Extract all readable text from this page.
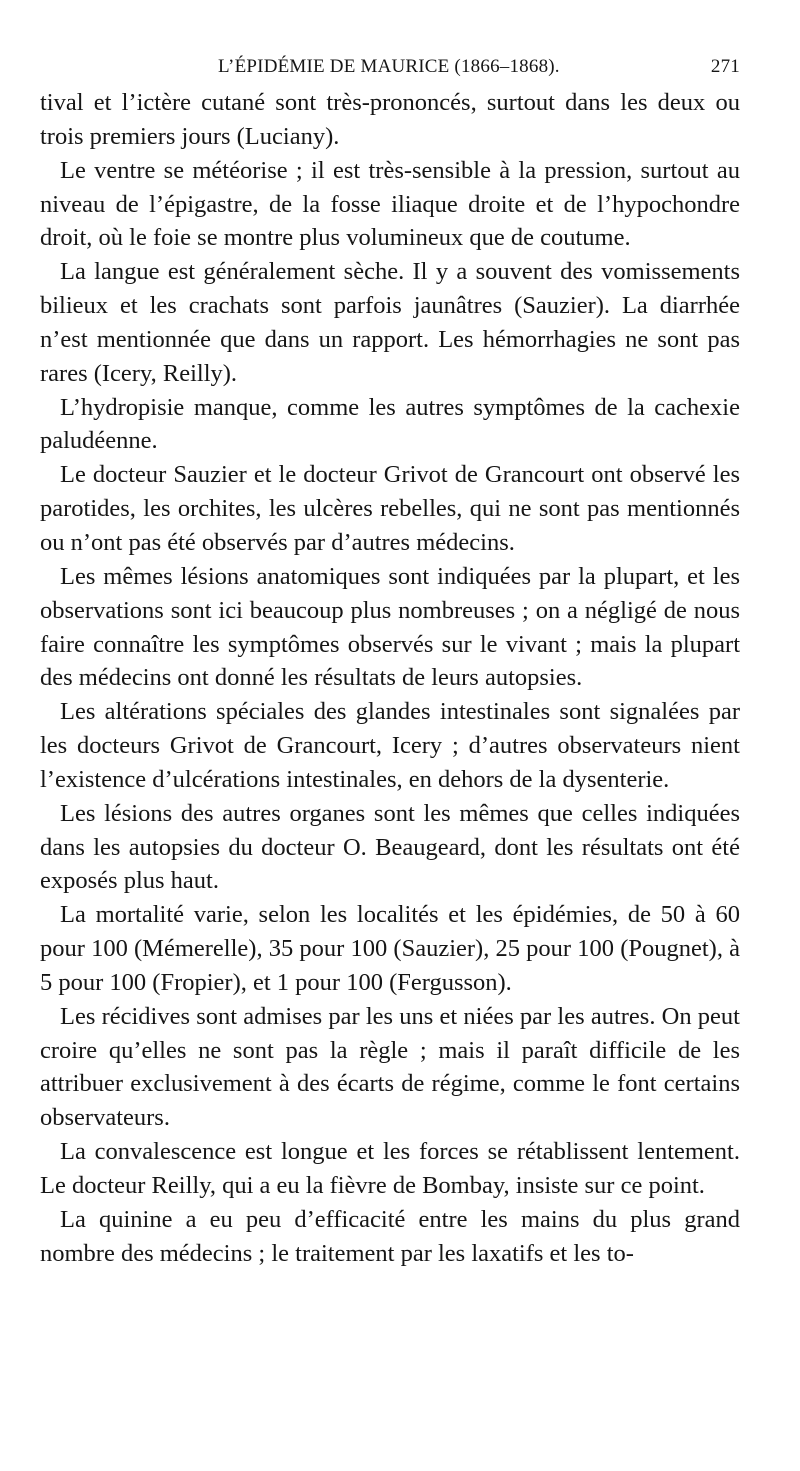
L’ÉPIDÉMIE DE MAURICE (1866–1868).	271

tival et l’ictère cutané sont très-prononcés, surtout dans les deux ou trois premiers jours (Luciany).

Le ventre se météorise ; il est très-sensible à la pression, surtout au niveau de l’épigastre, de la fosse iliaque droite et de l’hypochondre droit, où le foie se montre plus volumineux que de coutume.

La langue est généralement sèche. Il y a souvent des vomissements bilieux et les crachats sont parfois jaunâtres (Sauzier). La diarrhée n’est mentionnée que dans un rapport. Les hémorrhagies ne sont pas rares (Icery, Reilly).

L’hydropisie manque, comme les autres symptômes de la cachexie paludéenne.

Le docteur Sauzier et le docteur Grivot de Grancourt ont observé les parotides, les orchites, les ulcères rebelles, qui ne sont pas mentionnés ou n’ont pas été observés par d’autres médecins.

Les mêmes lésions anatomiques sont indiquées par la plupart, et les observations sont ici beaucoup plus nombreuses ; on a négligé de nous faire connaître les symptômes observés sur le vivant ; mais la plupart des médecins ont donné les résultats de leurs autopsies.

Les altérations spéciales des glandes intestinales sont signalées par les docteurs Grivot de Grancourt, Icery ; d’autres observateurs nient l’existence d’ulcérations intestinales, en dehors de la dysenterie.

Les lésions des autres organes sont les mêmes que celles indiquées dans les autopsies du docteur O. Beaugeard, dont les résultats ont été exposés plus haut.

La mortalité varie, selon les localités et les épidémies, de 50 à 60 pour 100 (Mémerelle), 35 pour 100 (Sauzier), 25 pour 100 (Pougnet), à 5 pour 100 (Fropier), et 1 pour 100 (Fergusson).

Les récidives sont admises par les uns et niées par les autres. On peut croire qu’elles ne sont pas la règle ; mais il paraît difficile de les attribuer exclusivement à des écarts de régime, comme le font certains observateurs.

La convalescence est longue et les forces se rétablissent lentement. Le docteur Reilly, qui a eu la fièvre de Bombay, insiste sur ce point.

La quinine a eu peu d’efficacité entre les mains du plus grand nombre des médecins ; le traitement par les laxatifs et les to-
